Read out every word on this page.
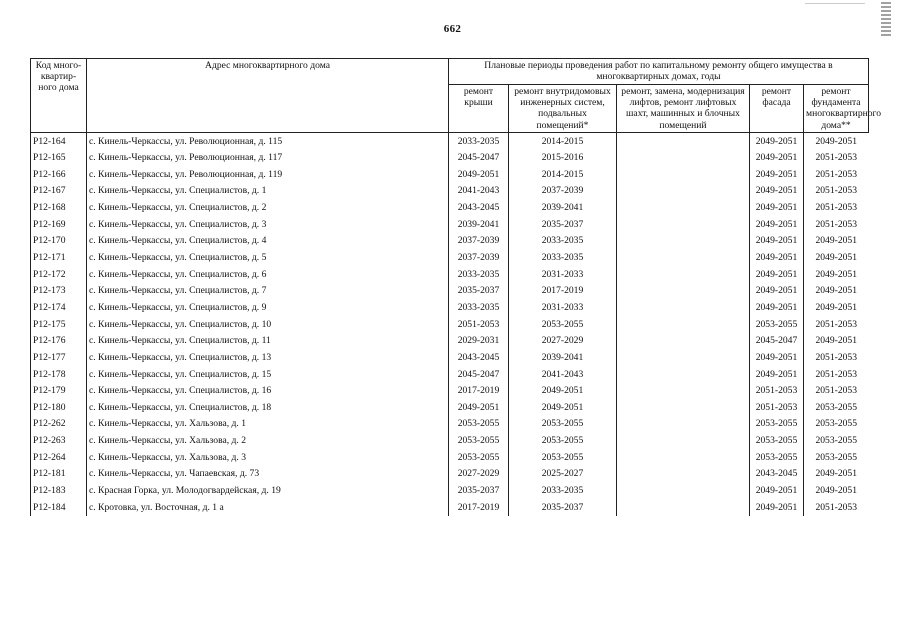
662
Код много-квартир-ного дома	Адрес многоквартирного дома	Плановые периоды проведения работ по капитальному ремонту общего имущества в многоквартирных домах, годы				
		ремонт крыши	ремонт внутридомовых инженерных систем, подвальных помещений*	ремонт, замена, модернизация лифтов, ремонт лифтовых шахт, машинных и блочных помещений	ремонт фасада	ремонт фундамента многоквартирного дома**
Р12-164	с. Кинель-Черкассы, ул. Революционная, д. 115	2033-2035	2014-2015		2049-2051	2049-2051
Р12-165	с. Кинель-Черкассы, ул. Революционная, д. 117	2045-2047	2015-2016		2049-2051	2051-2053
Р12-166	с. Кинель-Черкассы, ул. Революционная, д. 119	2049-2051	2014-2015		2049-2051	2051-2053
Р12-167	с. Кинель-Черкассы, ул. Специалистов, д. 1	2041-2043	2037-2039		2049-2051	2051-2053
Р12-168	с. Кинель-Черкассы, ул. Специалистов, д. 2	2043-2045	2039-2041		2049-2051	2051-2053
Р12-169	с. Кинель-Черкассы, ул. Специалистов, д. 3	2039-2041	2035-2037		2049-2051	2051-2053
Р12-170	с. Кинель-Черкассы, ул. Специалистов, д. 4	2037-2039	2033-2035		2049-2051	2049-2051
Р12-171	с. Кинель-Черкассы, ул. Специалистов, д. 5	2037-2039	2033-2035		2049-2051	2049-2051
Р12-172	с. Кинель-Черкассы, ул. Специалистов, д. 6	2033-2035	2031-2033		2049-2051	2049-2051
Р12-173	с. Кинель-Черкассы, ул. Специалистов, д. 7	2035-2037	2017-2019		2049-2051	2049-2051
Р12-174	с. Кинель-Черкассы, ул. Специалистов, д. 9	2033-2035	2031-2033		2049-2051	2049-2051
Р12-175	с. Кинель-Черкассы, ул. Специалистов, д. 10	2051-2053	2053-2055		2053-2055	2051-2053
Р12-176	с. Кинель-Черкассы, ул. Специалистов, д. 11	2029-2031	2027-2029		2045-2047	2049-2051
Р12-177	с. Кинель-Черкассы, ул. Специалистов, д. 13	2043-2045	2039-2041		2049-2051	2051-2053
Р12-178	с. Кинель-Черкассы, ул. Специалистов, д. 15	2045-2047	2041-2043		2049-2051	2051-2053
Р12-179	с. Кинель-Черкассы, ул. Специалистов, д. 16	2017-2019	2049-2051		2051-2053	2051-2053
Р12-180	с. Кинель-Черкассы, ул. Специалистов, д. 18	2049-2051	2049-2051		2051-2053	2053-2055
Р12-262	с. Кинель-Черкассы, ул. Хальзова, д. 1	2053-2055	2053-2055		2053-2055	2053-2055
Р12-263	с. Кинель-Черкассы, ул. Хальзова, д. 2	2053-2055	2053-2055		2053-2055	2053-2055
Р12-264	с. Кинель-Черкассы, ул. Хальзова, д. 3	2053-2055	2053-2055		2053-2055	2053-2055
Р12-181	с. Кинель-Черкассы, ул. Чапаевская, д. 73	2027-2029	2025-2027		2043-2045	2049-2051
Р12-183	с. Красная Горка, ул. Молодогвардейская, д. 19	2035-2037	2033-2035		2049-2051	2049-2051
Р12-184	с. Кротовка, ул. Восточная, д. 1 а	2017-2019	2035-2037		2049-2051	2051-2053
